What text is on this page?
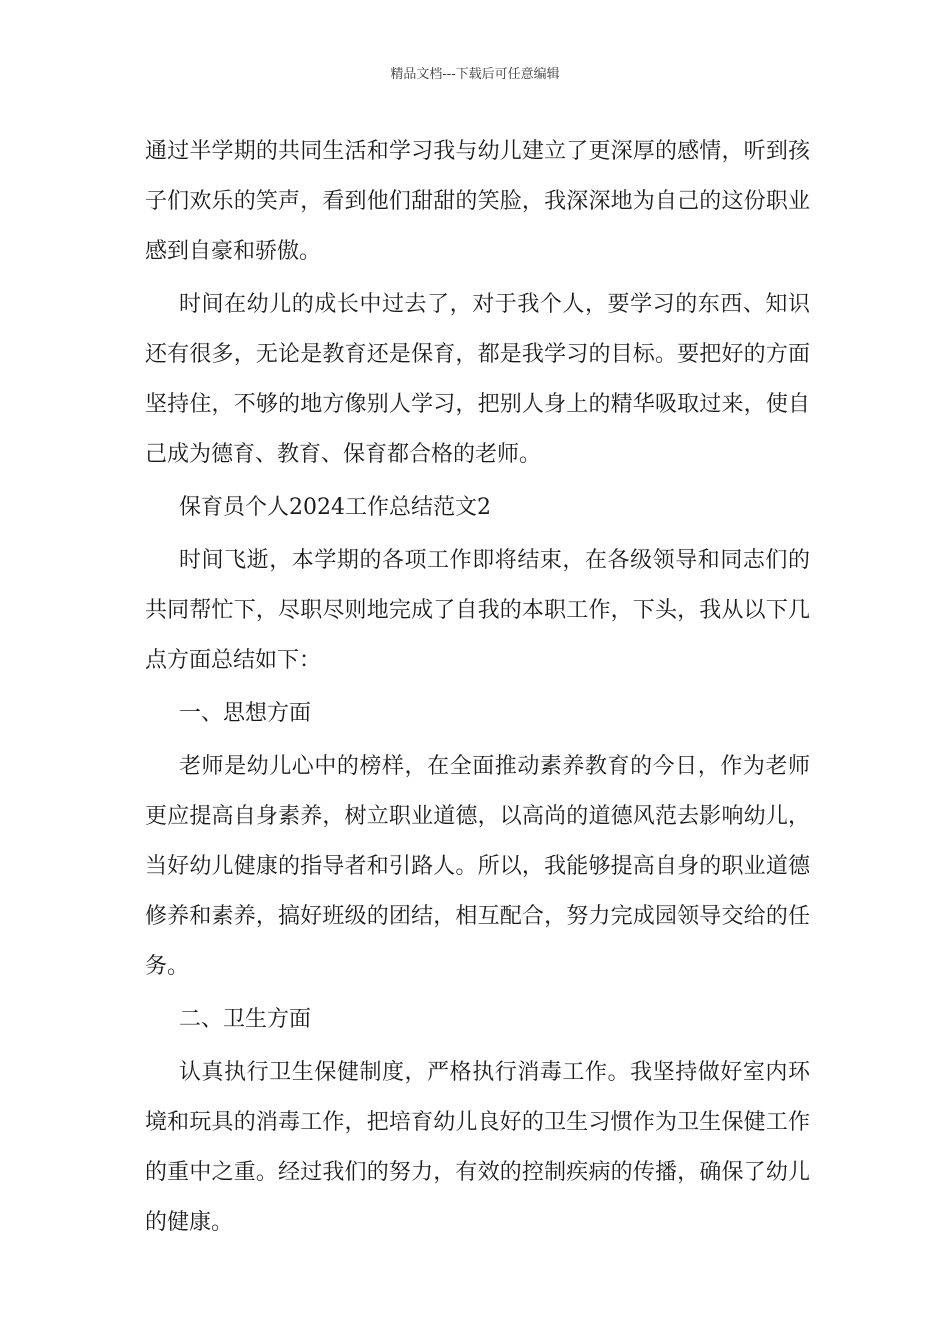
精品文档---下载后可任意编辑

通过半学期的共同生活和学习我与幼儿建立了更深厚的感情，听到孩子们欢乐的笑声，看到他们甜甜的笑脸，我深深地为自己的这份职业感到自豪和骄傲。

时间在幼儿的成长中过去了，对于我个人，要学习的东西、知识还有很多，无论是教育还是保育，都是我学习的目标。要把好的方面坚持住，不够的地方像别人学习，把别人身上的精华吸取过来，使自己成为德育、教育、保育都合格的老师。

保育员个人2024工作总结范文2

时间飞逝，本学期的各项工作即将结束，在各级领导和同志们的共同帮忙下，尽职尽则地完成了自我的本职工作，下头，我从以下几点方面总结如下：

一、思想方面

老师是幼儿心中的榜样，在全面推动素养教育的今日，作为老师更应提高自身素养，树立职业道德，以高尚的道德风范去影响幼儿，当好幼儿健康的指导者和引路人。所以，我能够提高自身的职业道德修养和素养，搞好班级的团结，相互配合，努力完成园领导交给的任务。

二、卫生方面

认真执行卫生保健制度，严格执行消毒工作。我坚持做好室内环境和玩具的消毒工作，把培育幼儿良好的卫生习惯作为卫生保健工作的重中之重。经过我们的努力，有效的控制疾病的传播，确保了幼儿的健康。
